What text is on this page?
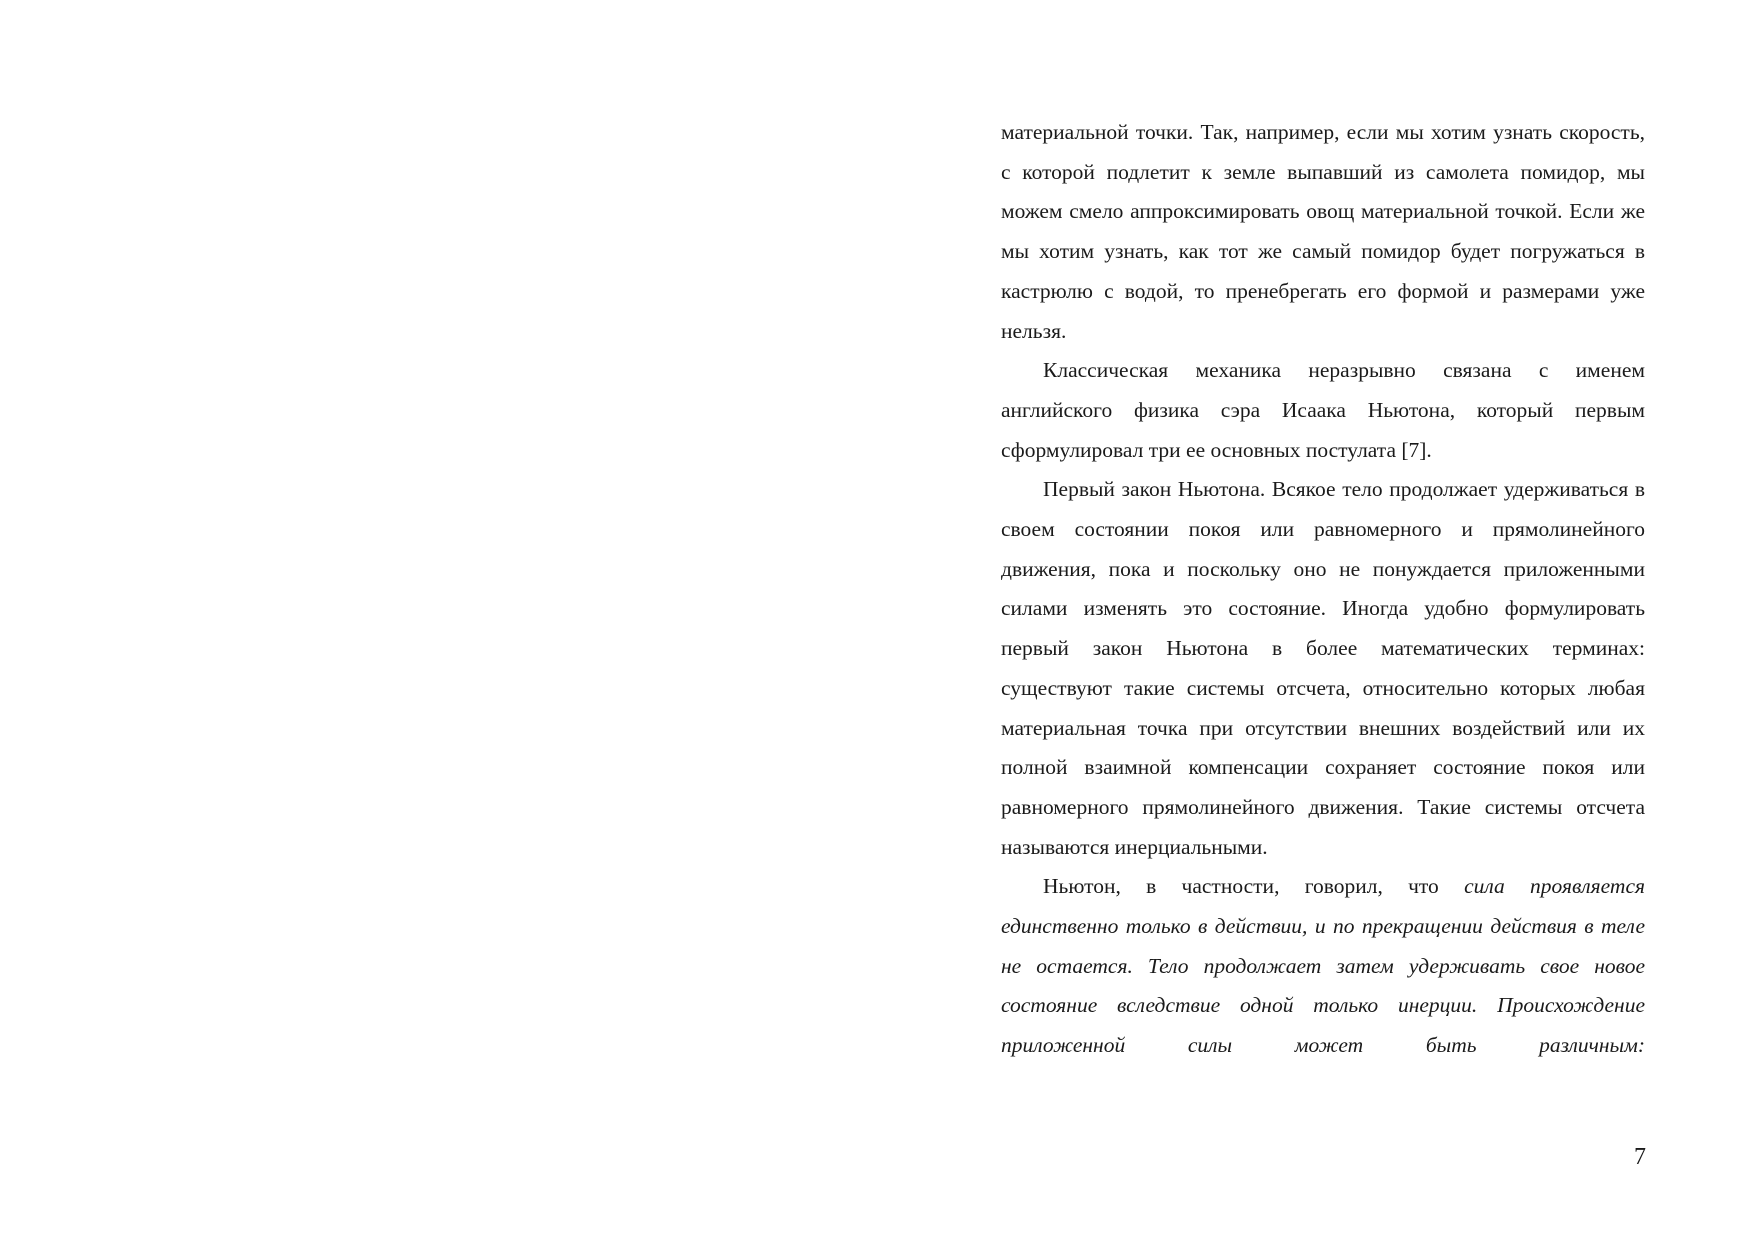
материальной точки. Так, например, если мы хотим узнать скорость, с которой подлетит к земле выпавший из самолета помидор, мы можем смело аппроксимировать овощ материальной точкой. Если же мы хотим узнать, как тот же самый помидор будет погружаться в кастрюлю с водой, то пренебрегать его формой и размерами уже нельзя.

Классическая механика неразрывно связана с именем английского физика сэра Исаака Ньютона, который первым сформулировал три ее основных постулата [7].

Первый закон Ньютона. Всякое тело продолжает удерживаться в своем состоянии покоя или равномерного и прямолинейного движения, пока и поскольку оно не понуждается приложенными силами изменять это состояние. Иногда удобно формулировать первый закон Ньютона в более математических терминах: существуют такие системы отсчета, относительно которых любая материальная точка при отсутствии внешних воздействий или их полной взаимной компенсации сохраняет состояние покоя или равномерного прямолинейного движения. Такие системы отсчета называются инерциальными.

Ньютон, в частности, говорил, что сила проявляется единственно только в действии, и по прекращении действия в теле не остается. Тело продолжает затем удерживать свое новое состояние вследствие одной только инерции. Происхождение приложенной силы может быть различным:

7
